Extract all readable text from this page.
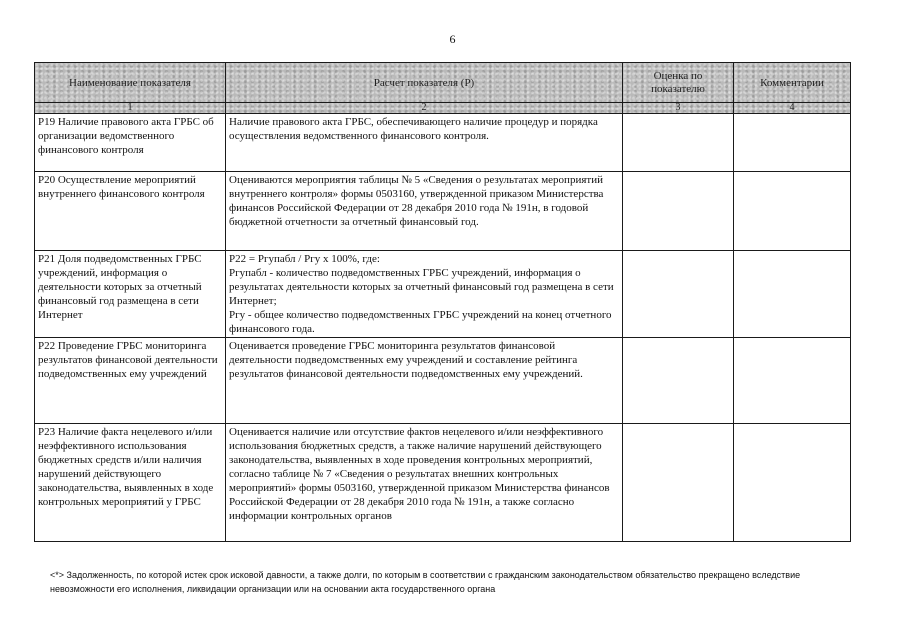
6
Наименование показателя	Расчет показателя (Р)	Оценка по показателю	Комментарии
1	2	3	4
Р19 Наличие правового акта ГРБС об организации ведомственного финансового контроля	Наличие правового акта ГРБС, обеспечивающего наличие процедур и порядка осуществления ведомственного финансового контроля.		

Р20 Осуществление мероприятий внутреннего финансового контроля	Оцениваются мероприятия таблицы № 5 «Сведения о результатах мероприятий внутреннего контроля» формы 0503160, утвержденной приказом Министерства финансов Российской Федерации от 28 декабря 2010 года № 191н, в годовой бюджетной отчетности за отчетный финансовый год.		

Р21 Доля подведомственных ГРБС учреждений, информация о деятельности которых за отчетный финансовый год размещена в сети Интернет	Р22 = Ргупабл / Ргу х 100%, где:
Ргупабл - количество подведомственных ГРБС учреждений, информация о результатах деятельности которых за отчетный финансовый год размещена в сети Интернет;
Ргу - общее количество подведомственных ГРБС учреждений на конец отчетного финансового года.		

Р22 Проведение ГРБС мониторинга результатов финансовой деятельности подведомственных ему учреждений	Оценивается проведение ГРБС мониторинга результатов финансовой деятельности подведомственных ему учреждений и составление рейтинга результатов финансовой деятельности подведомственных ему учреждений.		

Р23 Наличие факта нецелевого и/или неэффективного использования бюджетных средств и/или наличия нарушений действующего законодательства, выявленных в ходе контрольных мероприятий у ГРБС	Оценивается наличие или отсутствие фактов нецелевого и/или неэффективного использования бюджетных средств, а также наличие нарушений действующего законодательства, выявленных в ходе проведения контрольных мероприятий, согласно таблице № 7 «Сведения о результатах внешних контрольных мероприятий» формы 0503160, утвержденной приказом Министерства финансов Российской Федерации от 28 декабря 2010 года № 191н, а также согласно информации контрольных органов		

<*> Задолженность, по которой истек срок исковой давности, а также долги, по которым в соответствии с гражданским законодательством обязательство прекращено вследствие невозможности его исполнения, ликвидации организации или на основании акта государственного органа
